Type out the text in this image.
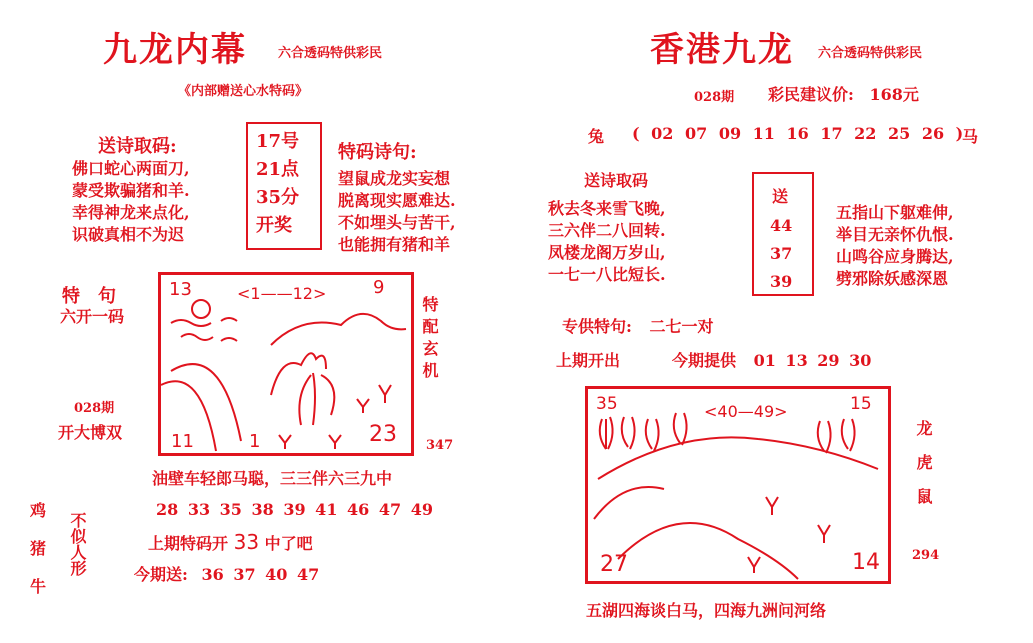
九龙内幕 六合透码特供彩民
《内部赠送心水特码》
送诗取码:
佛口蛇心两面刀,
蒙受欺骗猪和羊.
幸得神龙来点化,
识破真相不为迟
17号
21点
35分
开奖
特码诗句:
望鼠成龙实妄想
脱离现实愿难达.
不如埋头与苦干,
也能拥有猪和羊
特　句
六开一码
028期
开大博双
13	9
<1——12>
11	1	23
特配玄机
347
油壁车轻郎马聪，三三伴六三九中
28 33 35 38 39 41 46 47 49
上期特码开 33 中了吧
今期送: 36 37 40 47
鸡
猪
牛
不似人形
香港九龙 六合透码特供彩民
028期 彩民建议价: 168元
兔 ( 02 07 09 11 16 17 22 25 26 )
马
送诗取码
秋去冬来雪飞晚,
三六伴二八回转.
凤楼龙阁万岁山,
一七一八比短长.
送
44
37
39
五指山下躯难伸,
举目无亲怀仇恨.
山鸣谷应身腾达,
劈邪除妖感深恩
专供特句: 二七一对
上期开出	今期提供 01 13 29 30
35	15
<40—49>
27	14
龙虎鼠
294
五湖四海谈白马，四海九洲问河络
